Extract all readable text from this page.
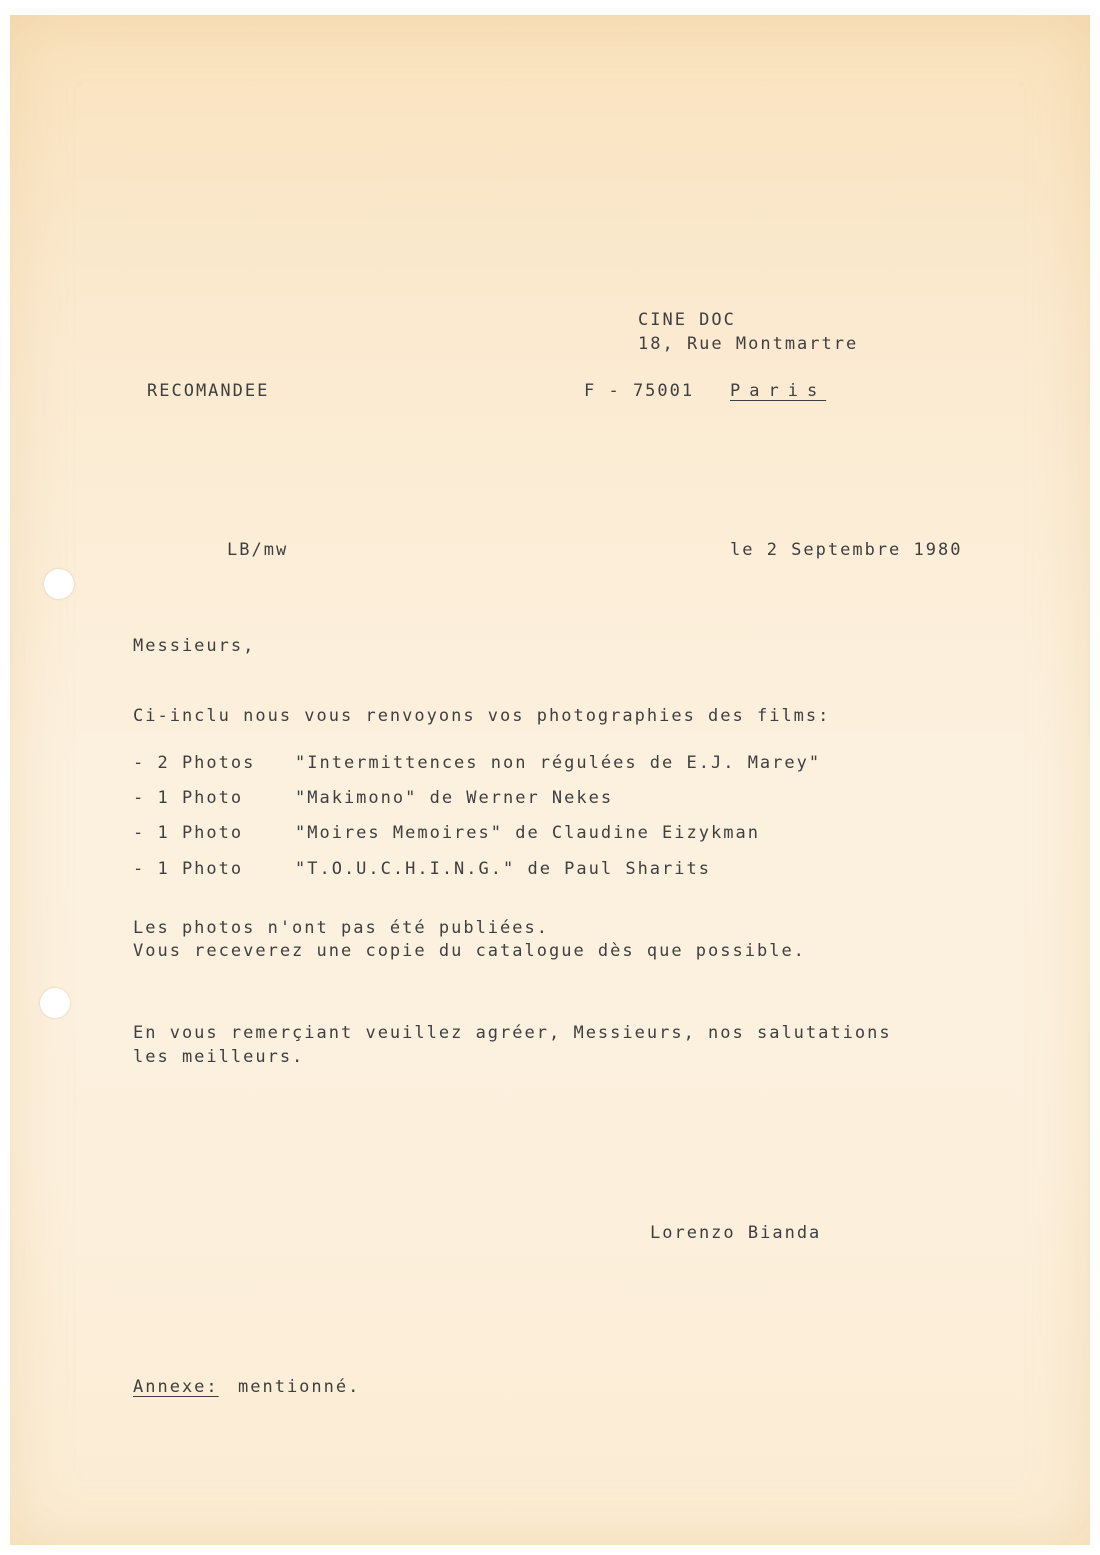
CINE DOC
18, Rue Montmartre
RECOMANDEE	F - 75001 Paris
LB/mw	le 2 Septembre 1980
Messieurs,
Ci-inclu nous vous renvoyons vos photographies des films:
- 2 Photos "Intermittences non régulées de E.J. Marey"
- 1 Photo	"Makimono" de Werner Nekes
- 1 Photo	"Moires Memoires" de Claudine Eizykman
- 1 Photo	"T.O.U.C.H.I.N.G." de Paul Sharits
Les photos n'ont pas été publiées.
Vous receverez une copie du catalogue dès que possible.
En vous remerçiant veuillez agréer, Messieurs, nos salutations
les meilleurs.
Lorenzo Bianda
Annexe: mentionné.
